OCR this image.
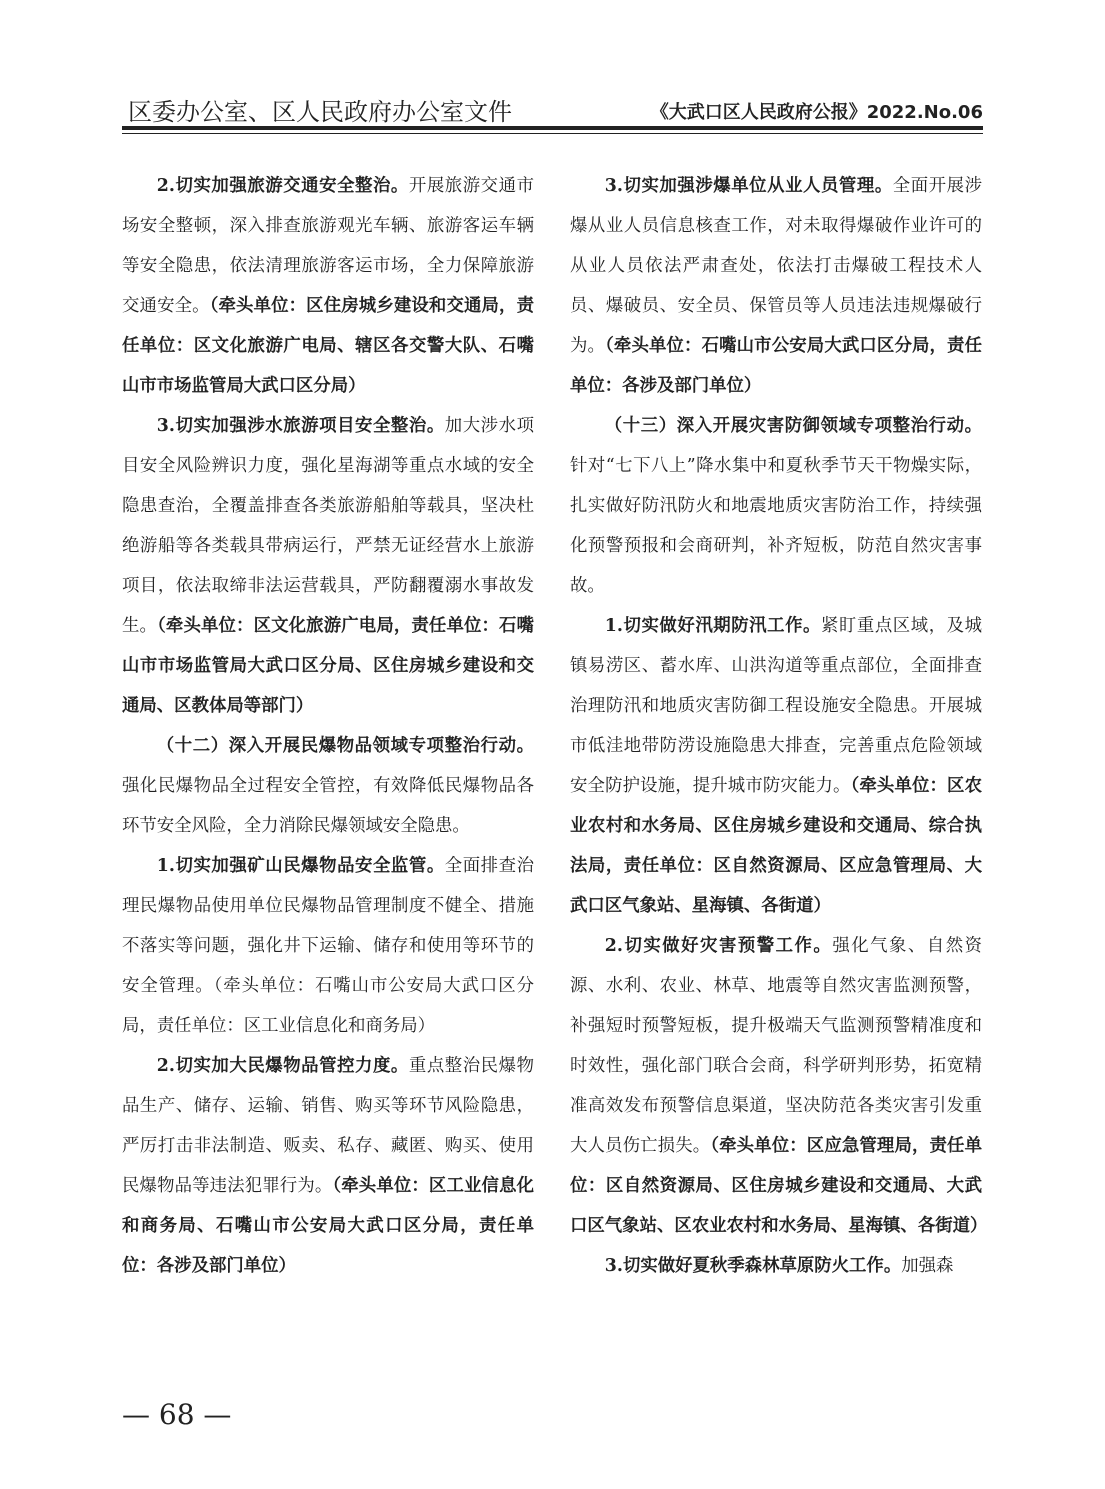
区委办公室、区人民政府办公室文件	《大武口区人民政府公报》2022.No.06

2.切实加强旅游交通安全整治。开展旅游交通市场安全整顿，深入排查旅游观光车辆、旅游客运车辆等安全隐患，依法清理旅游客运市场，全力保障旅游交通安全。（牵头单位：区住房城乡建设和交通局，责任单位：区文化旅游广电局、辖区各交警大队、石嘴山市市场监管局大武口区分局）

3.切实加强涉水旅游项目安全整治。加大涉水项目安全风险辨识力度，强化星海湖等重点水域的安全隐患查治，全覆盖排查各类旅游船舶等载具，坚决杜绝游船等各类载具带病运行，严禁无证经营水上旅游项目，依法取缔非法运营载具，严防翻覆溺水事故发生。（牵头单位：区文化旅游广电局，责任单位：石嘴山市市场监管局大武口区分局、区住房城乡建设和交通局、区教体局等部门）

（十二）深入开展民爆物品领域专项整治行动。强化民爆物品全过程安全管控，有效降低民爆物品各环节安全风险，全力消除民爆领域安全隐患。

1.切实加强矿山民爆物品安全监管。全面排查治理民爆物品使用单位民爆物品管理制度不健全、措施不落实等问题，强化井下运输、储存和使用等环节的安全管理。（牵头单位：石嘴山市公安局大武口区分局，责任单位：区工业信息化和商务局）

2.切实加大民爆物品管控力度。重点整治民爆物品生产、储存、运输、销售、购买等环节风险隐患，严厉打击非法制造、贩卖、私存、藏匿、购买、使用民爆物品等违法犯罪行为。（牵头单位：区工业信息化和商务局、石嘴山市公安局大武口区分局，责任单位：各涉及部门单位）

3.切实加强涉爆单位从业人员管理。全面开展涉爆从业人员信息核查工作，对未取得爆破作业许可的从业人员依法严肃查处，依法打击爆破工程技术人员、爆破员、安全员、保管员等人员违法违规爆破行为。（牵头单位：石嘴山市公安局大武口区分局，责任单位：各涉及部门单位）

（十三）深入开展灾害防御领域专项整治行动。针对“七下八上”降水集中和夏秋季节天干物燥实际，扎实做好防汛防火和地震地质灾害防治工作，持续强化预警预报和会商研判，补齐短板，防范自然灾害事故。

1.切实做好汛期防汛工作。紧盯重点区域，及城镇易涝区、蓄水库、山洪沟道等重点部位，全面排查治理防汛和地质灾害防御工程设施安全隐患。开展城市低洼地带防涝设施隐患大排查，完善重点危险领域安全防护设施，提升城市防灾能力。（牵头单位：区农业农村和水务局、区住房城乡建设和交通局、综合执法局，责任单位：区自然资源局、区应急管理局、大武口区气象站、星海镇、各街道）

2.切实做好灾害预警工作。强化气象、自然资源、水利、农业、林草、地震等自然灾害监测预警，补强短时预警短板，提升极端天气监测预警精准度和时效性，强化部门联合会商，科学研判形势，拓宽精准高效发布预警信息渠道，坚决防范各类灾害引发重大人员伤亡损失。（牵头单位：区应急管理局，责任单位：区自然资源局、区住房城乡建设和交通局、大武口区气象站、区农业农村和水务局、星海镇、各街道）

3.切实做好夏秋季森林草原防火工作。加强森

— 68 —
